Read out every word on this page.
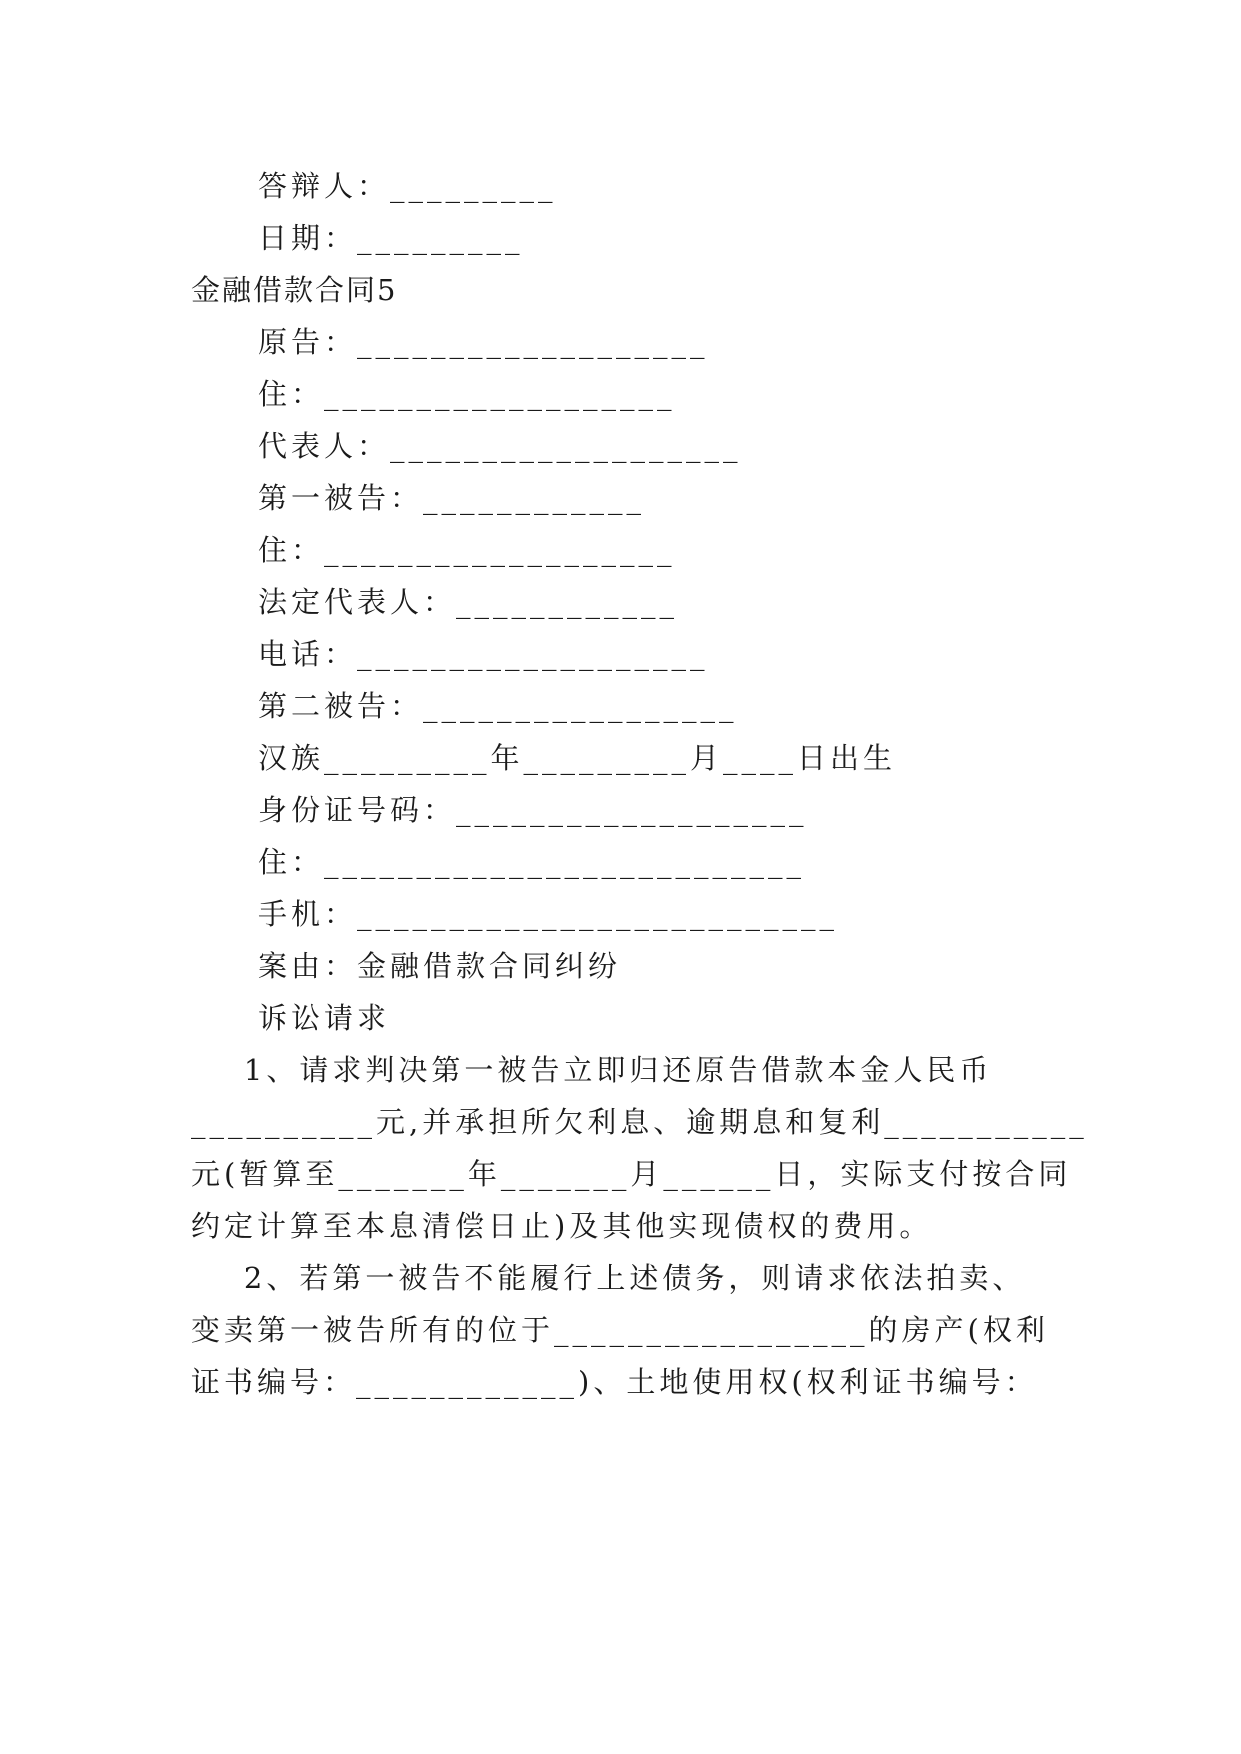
答辩人：_________
日期：_________
金融借款合同5
原告：___________________
住：___________________
代表人：___________________
第一被告：____________
住：___________________
法定代表人：____________
电话：___________________
第二被告：_________________
汉族_________年_________月____日出生
身份证号码：___________________
住：__________________________
手机：__________________________
案由：金融借款合同纠纷
诉讼请求
1、请求判决第一被告立即归还原告借款本金人民币
__________元,并承担所欠利息、逾期息和复利___________
元(暂算至_______年_______月______日，实际支付按合同
约定计算至本息清偿日止)及其他实现债权的费用。
2、若第一被告不能履行上述债务，则请求依法拍卖、
变卖第一被告所有的位于_________________的房产(权利
证书编号：____________)、土地使用权(权利证书编号：
